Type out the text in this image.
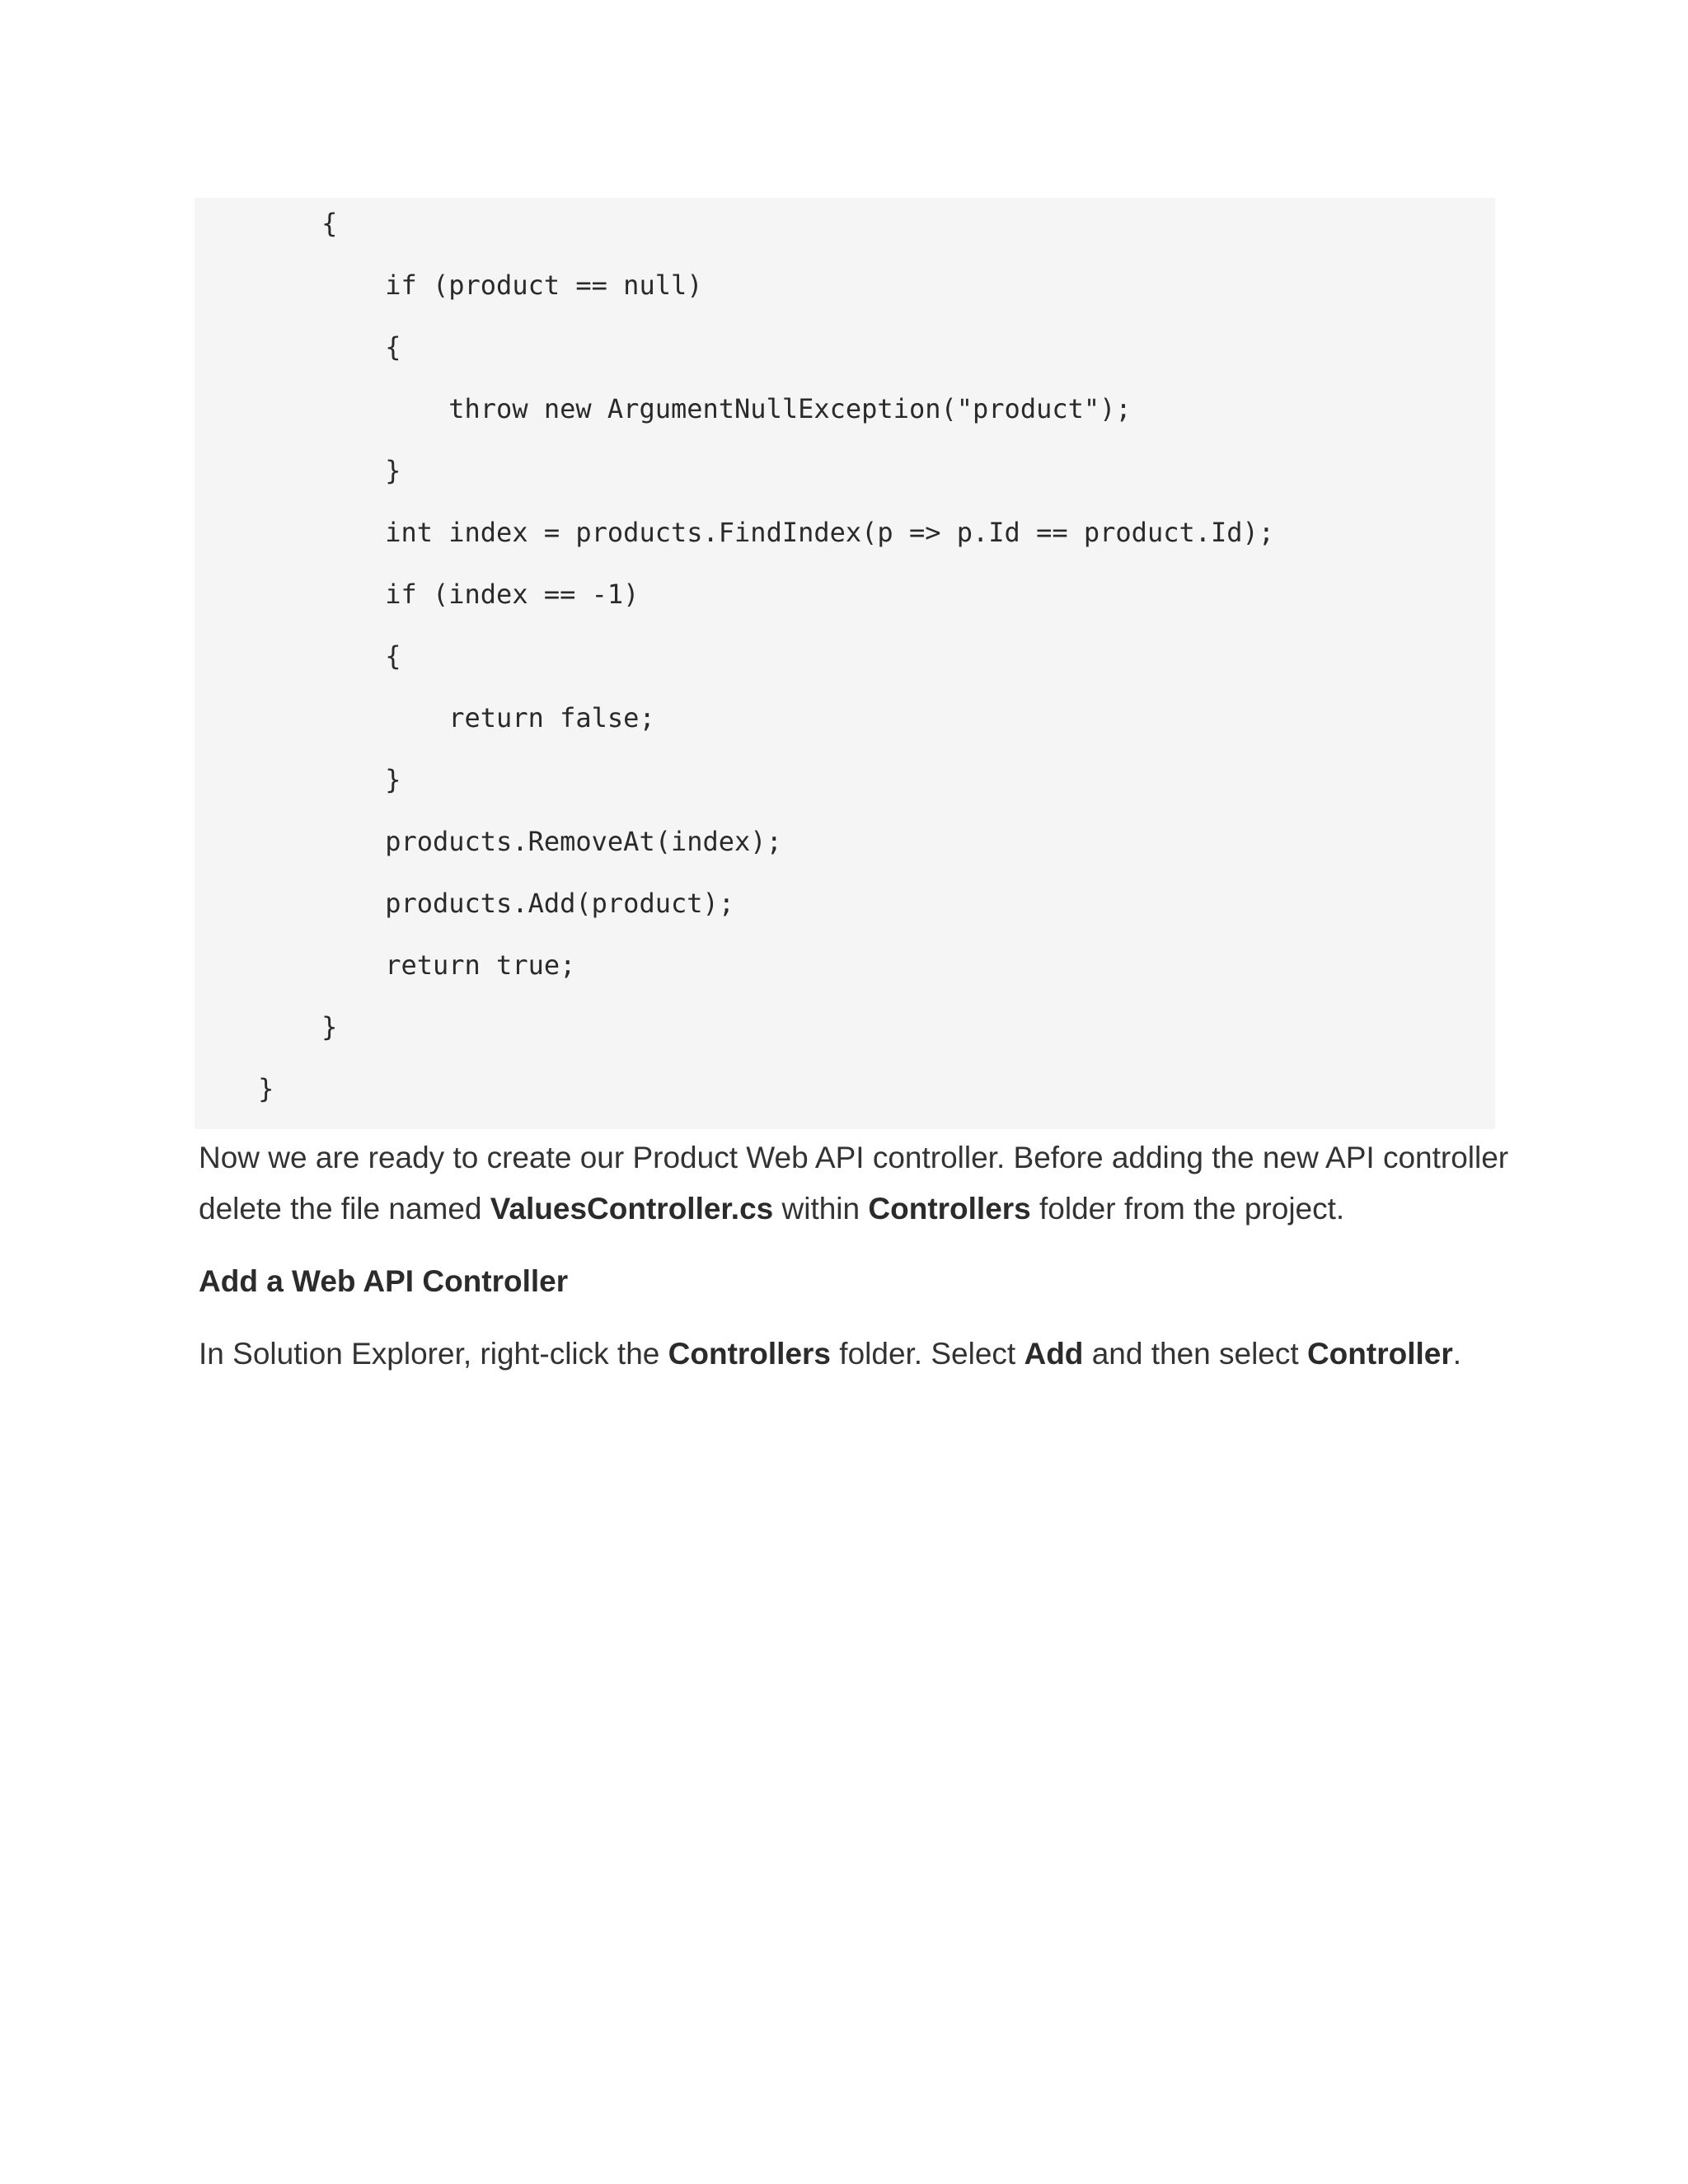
{
if (product == null)
{
throw new ArgumentNullException("product");
}
int index = products.FindIndex(p => p.Id == product.Id);
if (index == -1)
{
return false;
}
products.RemoveAt(index);
products.Add(product);
return true;
}
}
Now we are ready to create our Product Web API controller. Before adding the new API controller
delete the file named ValuesController.cs within Controllers folder from the project.
Add a Web API Controller
In Solution Explorer, right-click the Controllers folder. Select Add and then select Controller.
